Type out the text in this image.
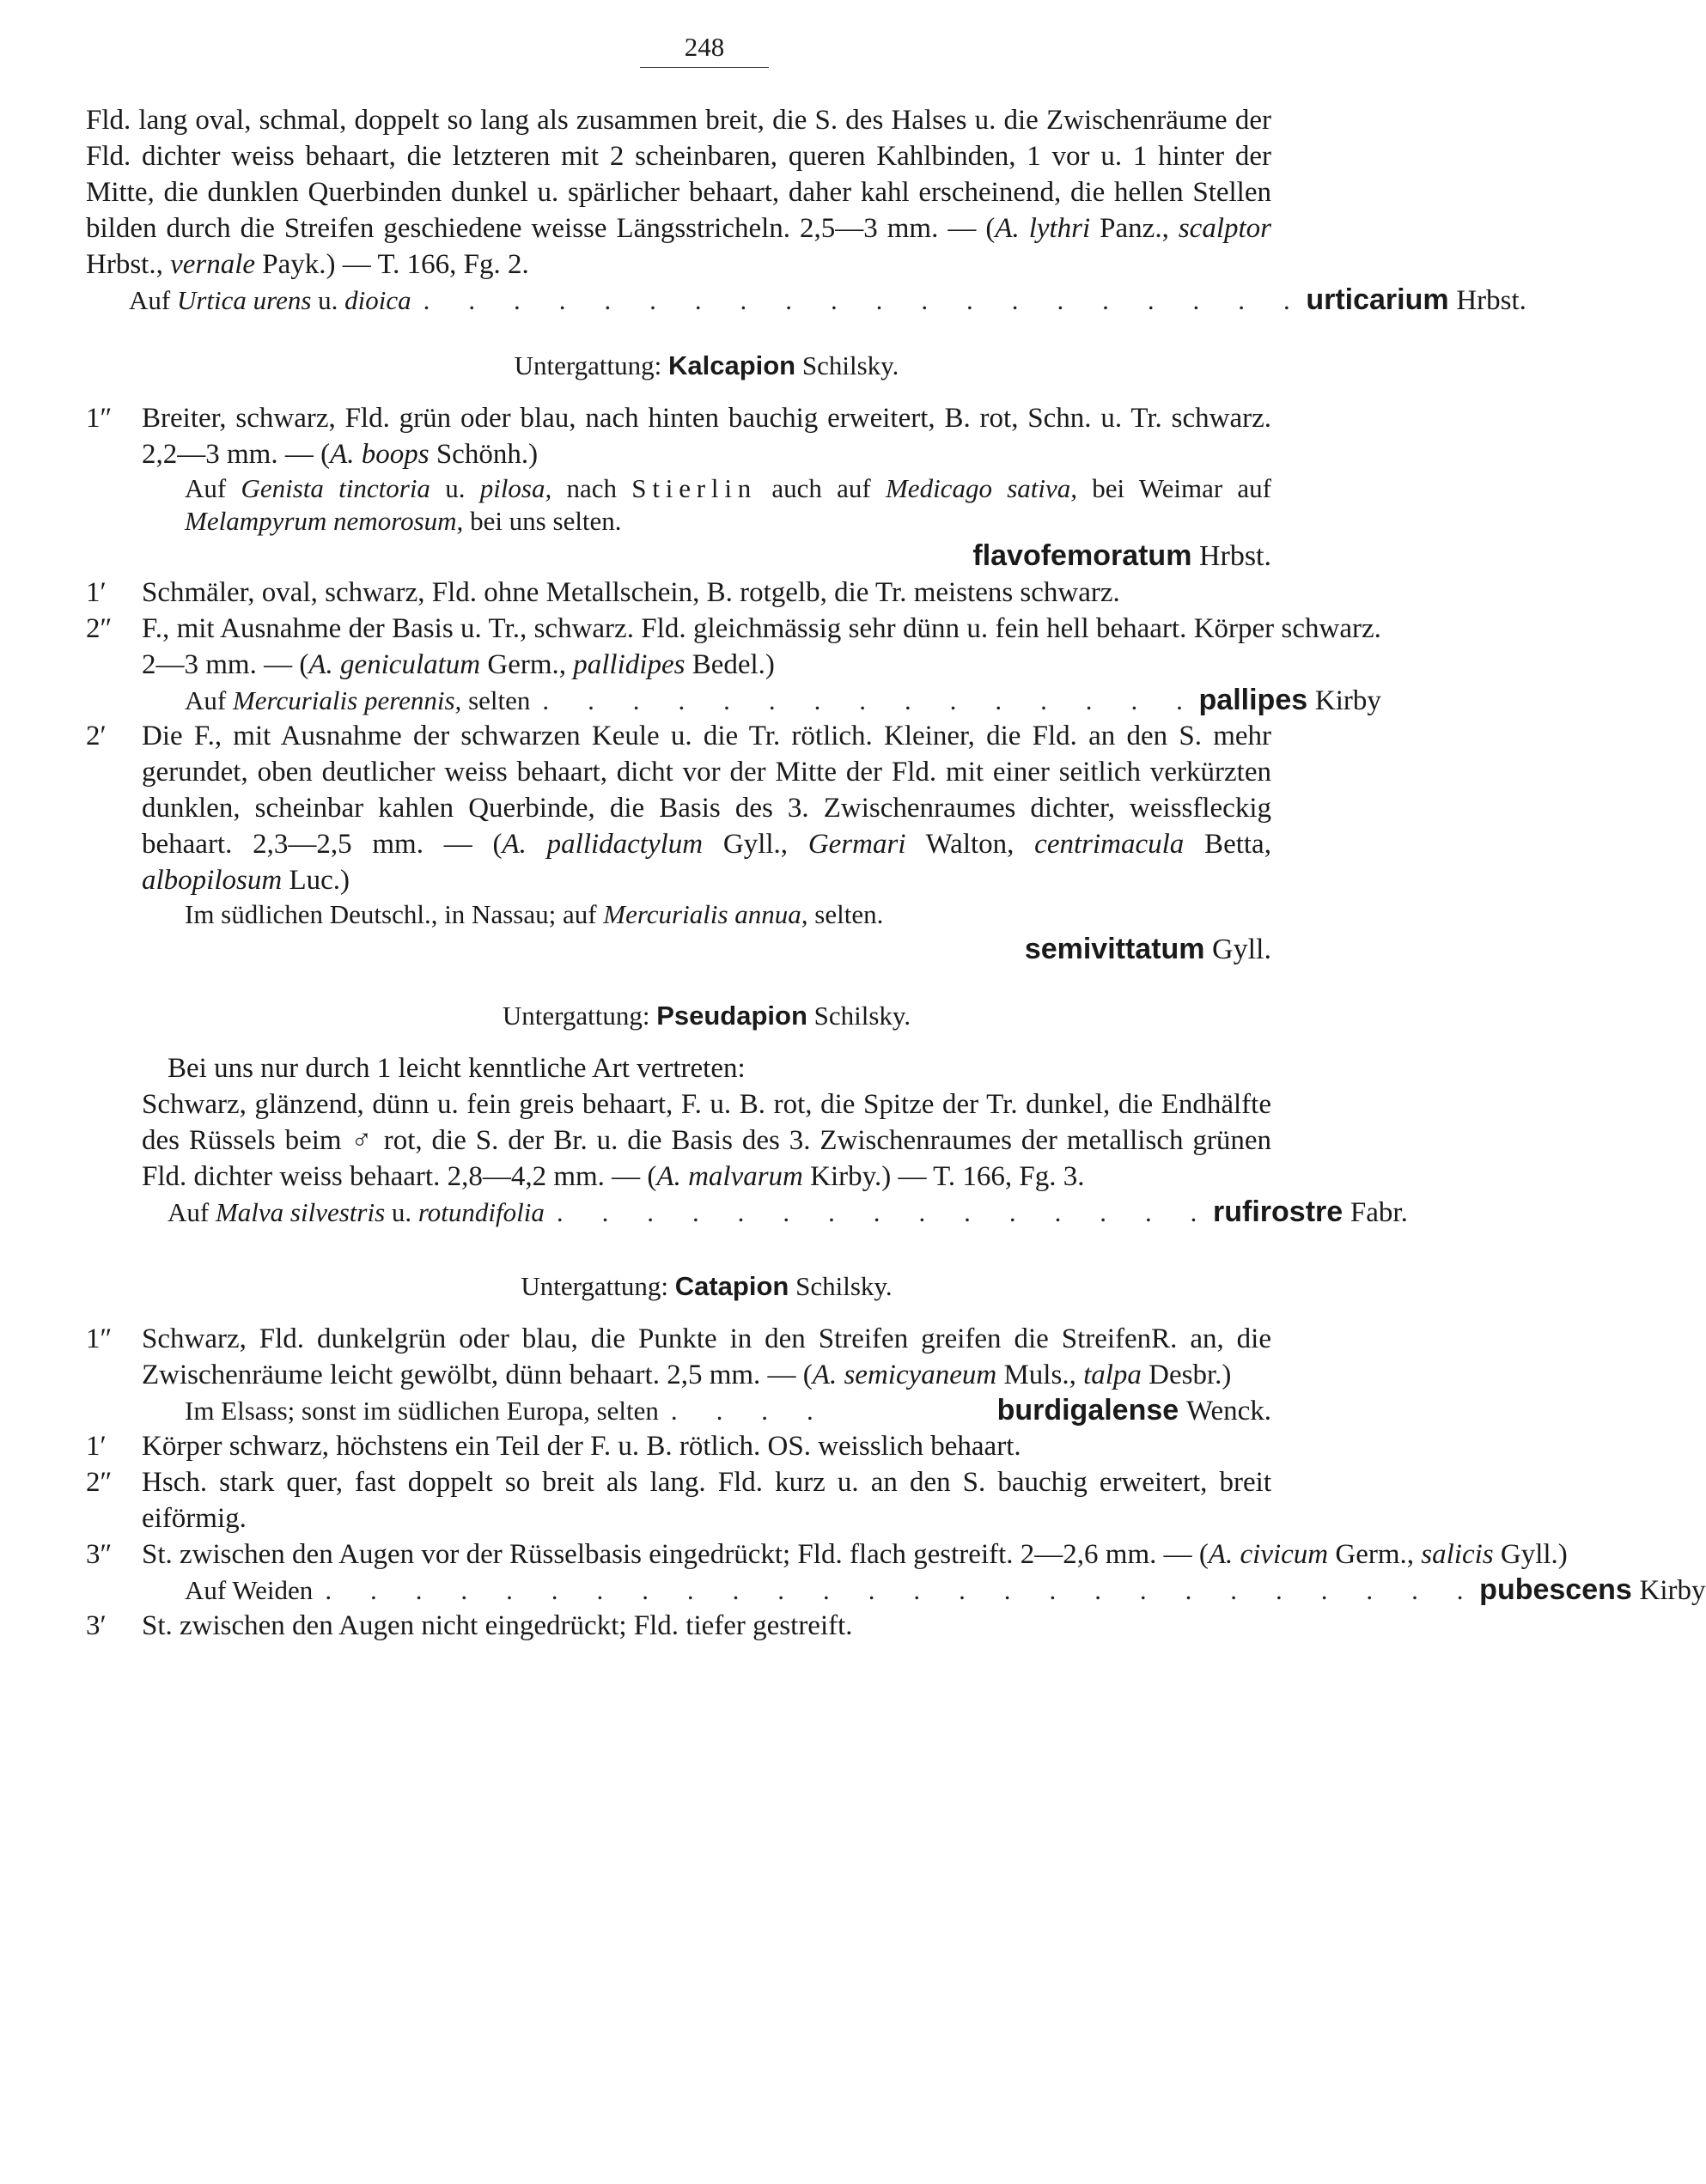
248
Fld. lang oval, schmal, doppelt so lang als zusammen breit, die S. des Halses u. die Zwischenräume der Fld. dichter weiss behaart, die letzteren mit 2 scheinbaren, queren Kahlbinden, 1 vor u. 1 hinter der Mitte, die dunklen Querbinden dunkel u. spärlicher behaart, daher kahl erscheinend, die hellen Stellen bilden durch die Streifen geschiedene weisse Längsstricheln. 2,5—3 mm. — (A. lythri Panz., scalptor Hrbst., vernale Payk.) — T. 166, Fg. 2.
Auf Urtica urens u. dioica . . . . . . . . . . . . . . . . . . . . urticarium Hrbst.
Untergattung: Kalcapion Schilsky.
1″	Breiter, schwarz, Fld. grün oder blau, nach hinten bauchig erweitert, B. rot, Schn. u. Tr. schwarz. 2,2—3 mm. — (A. boops Schönh.)
Auf Genista tinctoria u. pilosa, nach Stierlin auch auf Medicago sativa, bei Weimar auf Melampyrum nemorosum, bei uns selten.
flavofemoratum Hrbst.
1′	Schmäler, oval, schwarz, Fld. ohne Metallschein, B. rotgelb, die Tr. meistens schwarz.
2″	F., mit Ausnahme der Basis u. Tr., schwarz. Fld. gleichmässig sehr dünn u. fein hell behaart. Körper schwarz. 2—3 mm. — (A. geniculatum Germ., pallidipes Bedel.)
Auf Mercurialis perennis, selten . . . . . . . . . . . . . . . pallipes Kirby
2′	Die F., mit Ausnahme der schwarzen Keule u. die Tr. rötlich. Kleiner, die Fld. an den S. mehr gerundet, oben deutlicher weiss behaart, dicht vor der Mitte der Fld. mit einer seitlich verkürzten dunklen, scheinbar kahlen Querbinde, die Basis des 3. Zwischenraumes dichter, weissfleckig behaart. 2,3—2,5 mm. — (A. pallidactylum Gyll., Germari Walton, centrimacula Betta, albopilosum Luc.)
Im südlichen Deutschl., in Nassau; auf Mercurialis annua, selten.
semivittatum Gyll.
Untergattung: Pseudapion Schilsky.
Bei uns nur durch 1 leicht kenntliche Art vertreten:
Schwarz, glänzend, dünn u. fein greis behaart, F. u. B. rot, die Spitze der Tr. dunkel, die Endhälfte des Rüssels beim ♂ rot, die S. der Br. u. die Basis des 3. Zwischenraumes der metallisch grünen Fld. dichter weiss behaart. 2,8—4,2 mm. — (A. malvarum Kirby.) — T. 166, Fg. 3.
Auf Malva silvestris u. rotundifolia . . . . . . . . . . . . . . . rufirostre Fabr.
Untergattung: Catapion Schilsky.
1″	Schwarz, Fld. dunkelgrün oder blau, die Punkte in den Streifen greifen die StreifenR. an, die Zwischenräume leicht gewölbt, dünn behaart. 2,5 mm. — (A. semicyaneum Muls., talpa Desbr.)
Im Elsass; sonst im südlichen Europa, selten . . . .	burdigalense Wenck.
1′	Körper schwarz, höchstens ein Teil der F. u. B. rötlich. OS. weisslich behaart.
2″	Hsch. stark quer, fast doppelt so breit als lang. Fld. kurz u. an den S. bauchig erweitert, breit eiförmig.
3″	St. zwischen den Augen vor der Rüsselbasis eingedrückt; Fld. flach gestreift. 2—2,6 mm. — (A. civicum Germ., salicis Gyll.)
Auf Weiden . . . . . . . . . . . . . . . . . . . . . . . . . . pubescens Kirby
3′	St. zwischen den Augen nicht eingedrückt; Fld. tiefer gestreift.
